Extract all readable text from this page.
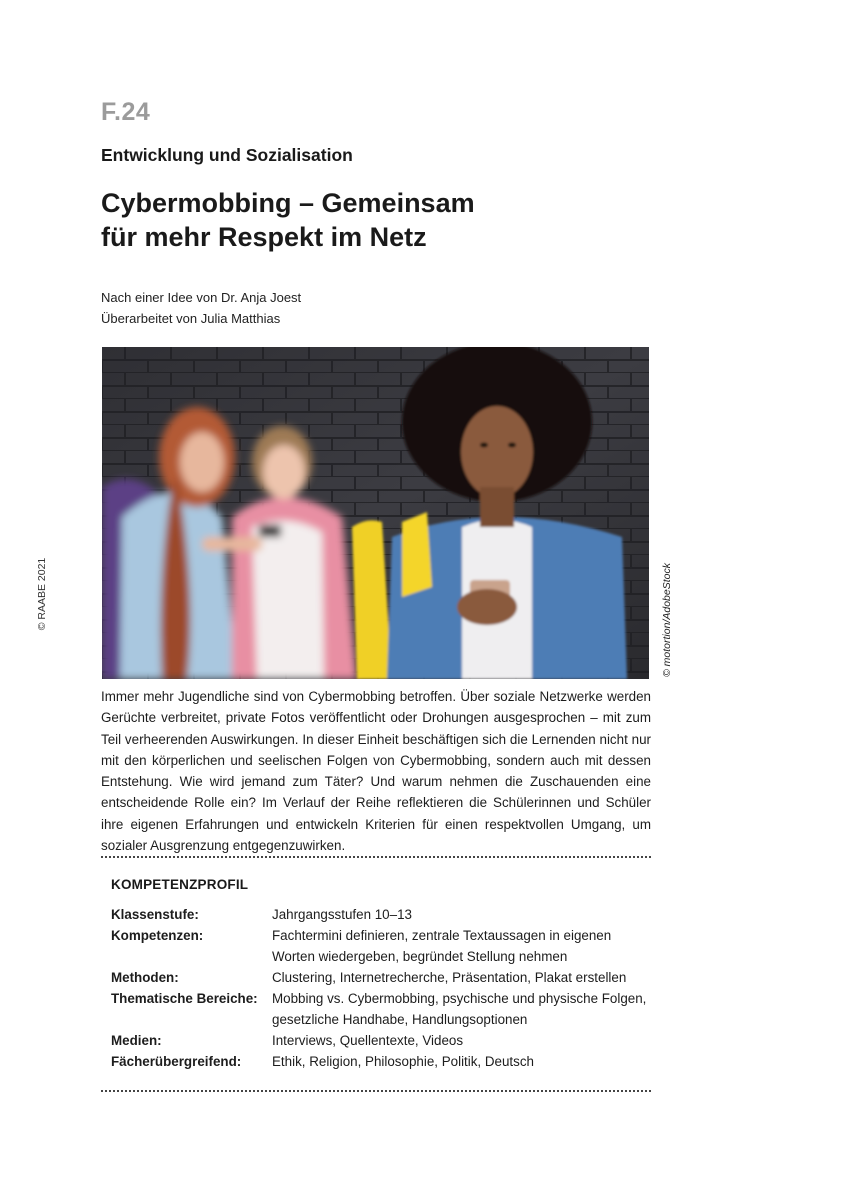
F.24
Entwicklung und Sozialisation
Cybermobbing – Gemeinsam
für mehr Respekt im Netz
Nach einer Idee von Dr. Anja Joest
Überarbeitet von Julia Matthias
© RAABE 2021	© motortion/AdobeStock

Immer mehr Jugendliche sind von Cybermobbing betroffen. Über soziale Netzwerke werden Gerüchte verbreitet, private Fotos veröffentlicht oder Drohungen ausgesprochen – mit zum Teil verheerenden Auswirkungen. In dieser Einheit beschäftigen sich die Lernenden nicht nur mit den körperlichen und seelischen Folgen von Cybermobbing, sondern auch mit dessen Entstehung. Wie wird jemand zum Täter? Und warum nehmen die Zuschauenden eine entscheidende Rolle ein? Im Verlauf der Reihe reflektieren die Schülerinnen und Schüler ihre eigenen Erfahrungen und entwickeln Kriterien für einen respektvollen Umgang, um sozialer Ausgrenzung entgegenzuwirken.

KOMPETENZPROFIL
Klassenstufe:	Jahrgangsstufen 10–13
Kompetenzen:	Fachtermini definieren, zentrale Textaussagen in eigenen Worten wiedergeben, begründet Stellung nehmen
Methoden:	Clustering, Internetrecherche, Präsentation, Plakat erstellen
Thematische Bereiche:	Mobbing vs. Cybermobbing, psychische und physische Folgen, gesetzliche Handhabe, Handlungsoptionen
Medien:	Interviews, Quellentexte, Videos
Fächerübergreifend:	Ethik, Religion, Philosophie, Politik, Deutsch
